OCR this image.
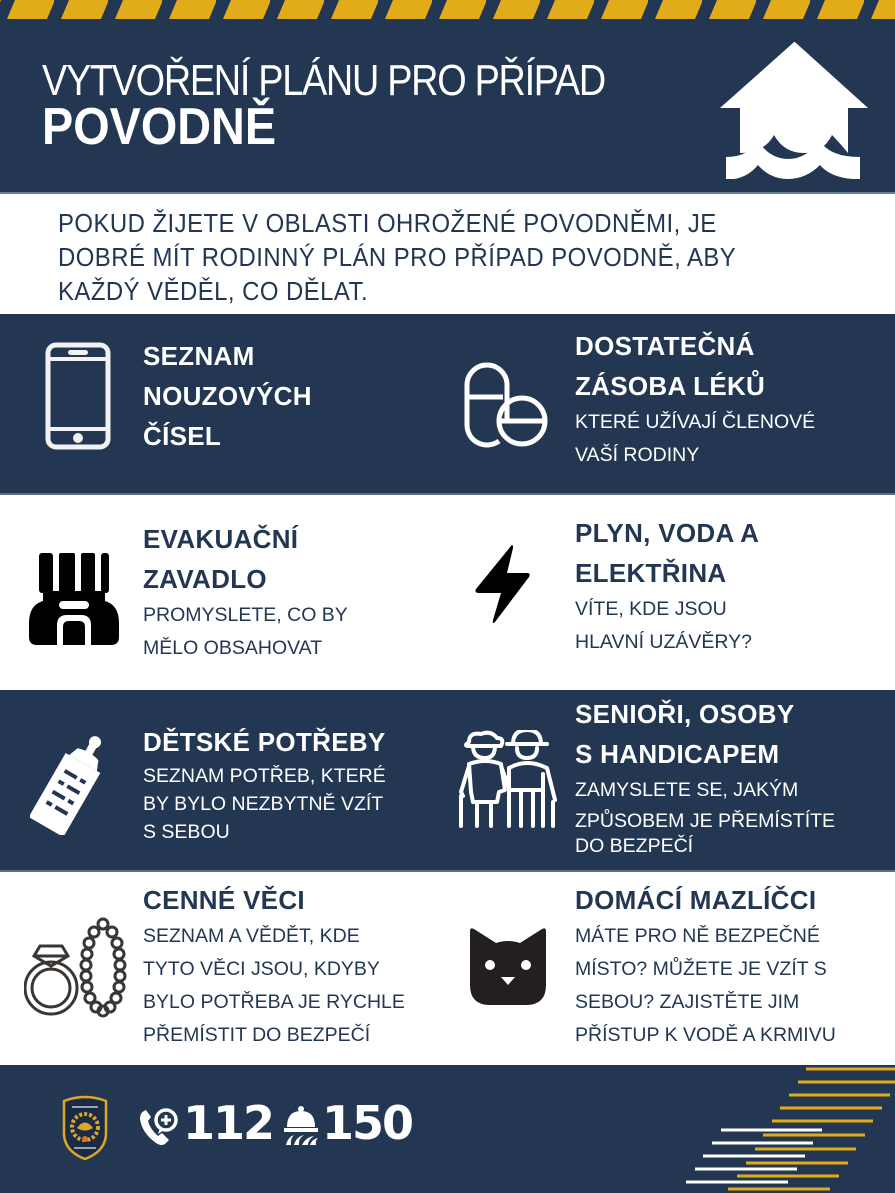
VYTVOŘENÍ PLÁNU PRO PŘÍPAD
POVODNĚ

POKUD ŽIJETE V OBLASTI OHROŽENÉ POVODNĚMI, JE DOBRÉ MÍT RODINNÝ PLÁN PRO PŘÍPAD POVODNĚ, ABY KAŽDÝ VĚDĚL, CO DĚLAT.

SEZNAM
NOUZOVÝCH
ČÍSEL
DOSTATEČNÁ
ZÁSOBA LÉKŮ
KTERÉ UŽÍVAJÍ ČLENOVÉ
VAŠÍ RODINY
EVAKUAČNÍ
ZAVADLO
PROMYSLETE, CO BY
MĚLO OBSAHOVAT
PLYN, VODA A
ELEKTŘINA
VÍTE, KDE JSOU
HLAVNÍ UZÁVĚRY?
DĚTSKÉ POTŘEBY
SEZNAM POTŘEB, KTERÉ
BY BYLO NEZBYTNĚ VZÍT
S SEBOU
SENIOŘI, OSOBY
S HANDICAPEM
ZAMYSLETE SE, JAKÝM
ZPŮSOBEM JE PŘEMÍSTÍTE
DO BEZPEČÍ
CENNÉ VĚCI
SEZNAM A VĚDĚT, KDE
TYTO VĚCI JSOU, KDYBY
BYLO POTŘEBA JE RYCHLE
PŘEMÍSTIT DO BEZPEČÍ
DOMÁCÍ MAZLÍČCI
MÁTE PRO NĚ BEZPEČNÉ
MÍSTO? MŮŽETE JE VZÍT S
SEBOU? ZAJISTĚTE JIM
PŘÍSTUP K VODĚ A KRMIVU
112 150
